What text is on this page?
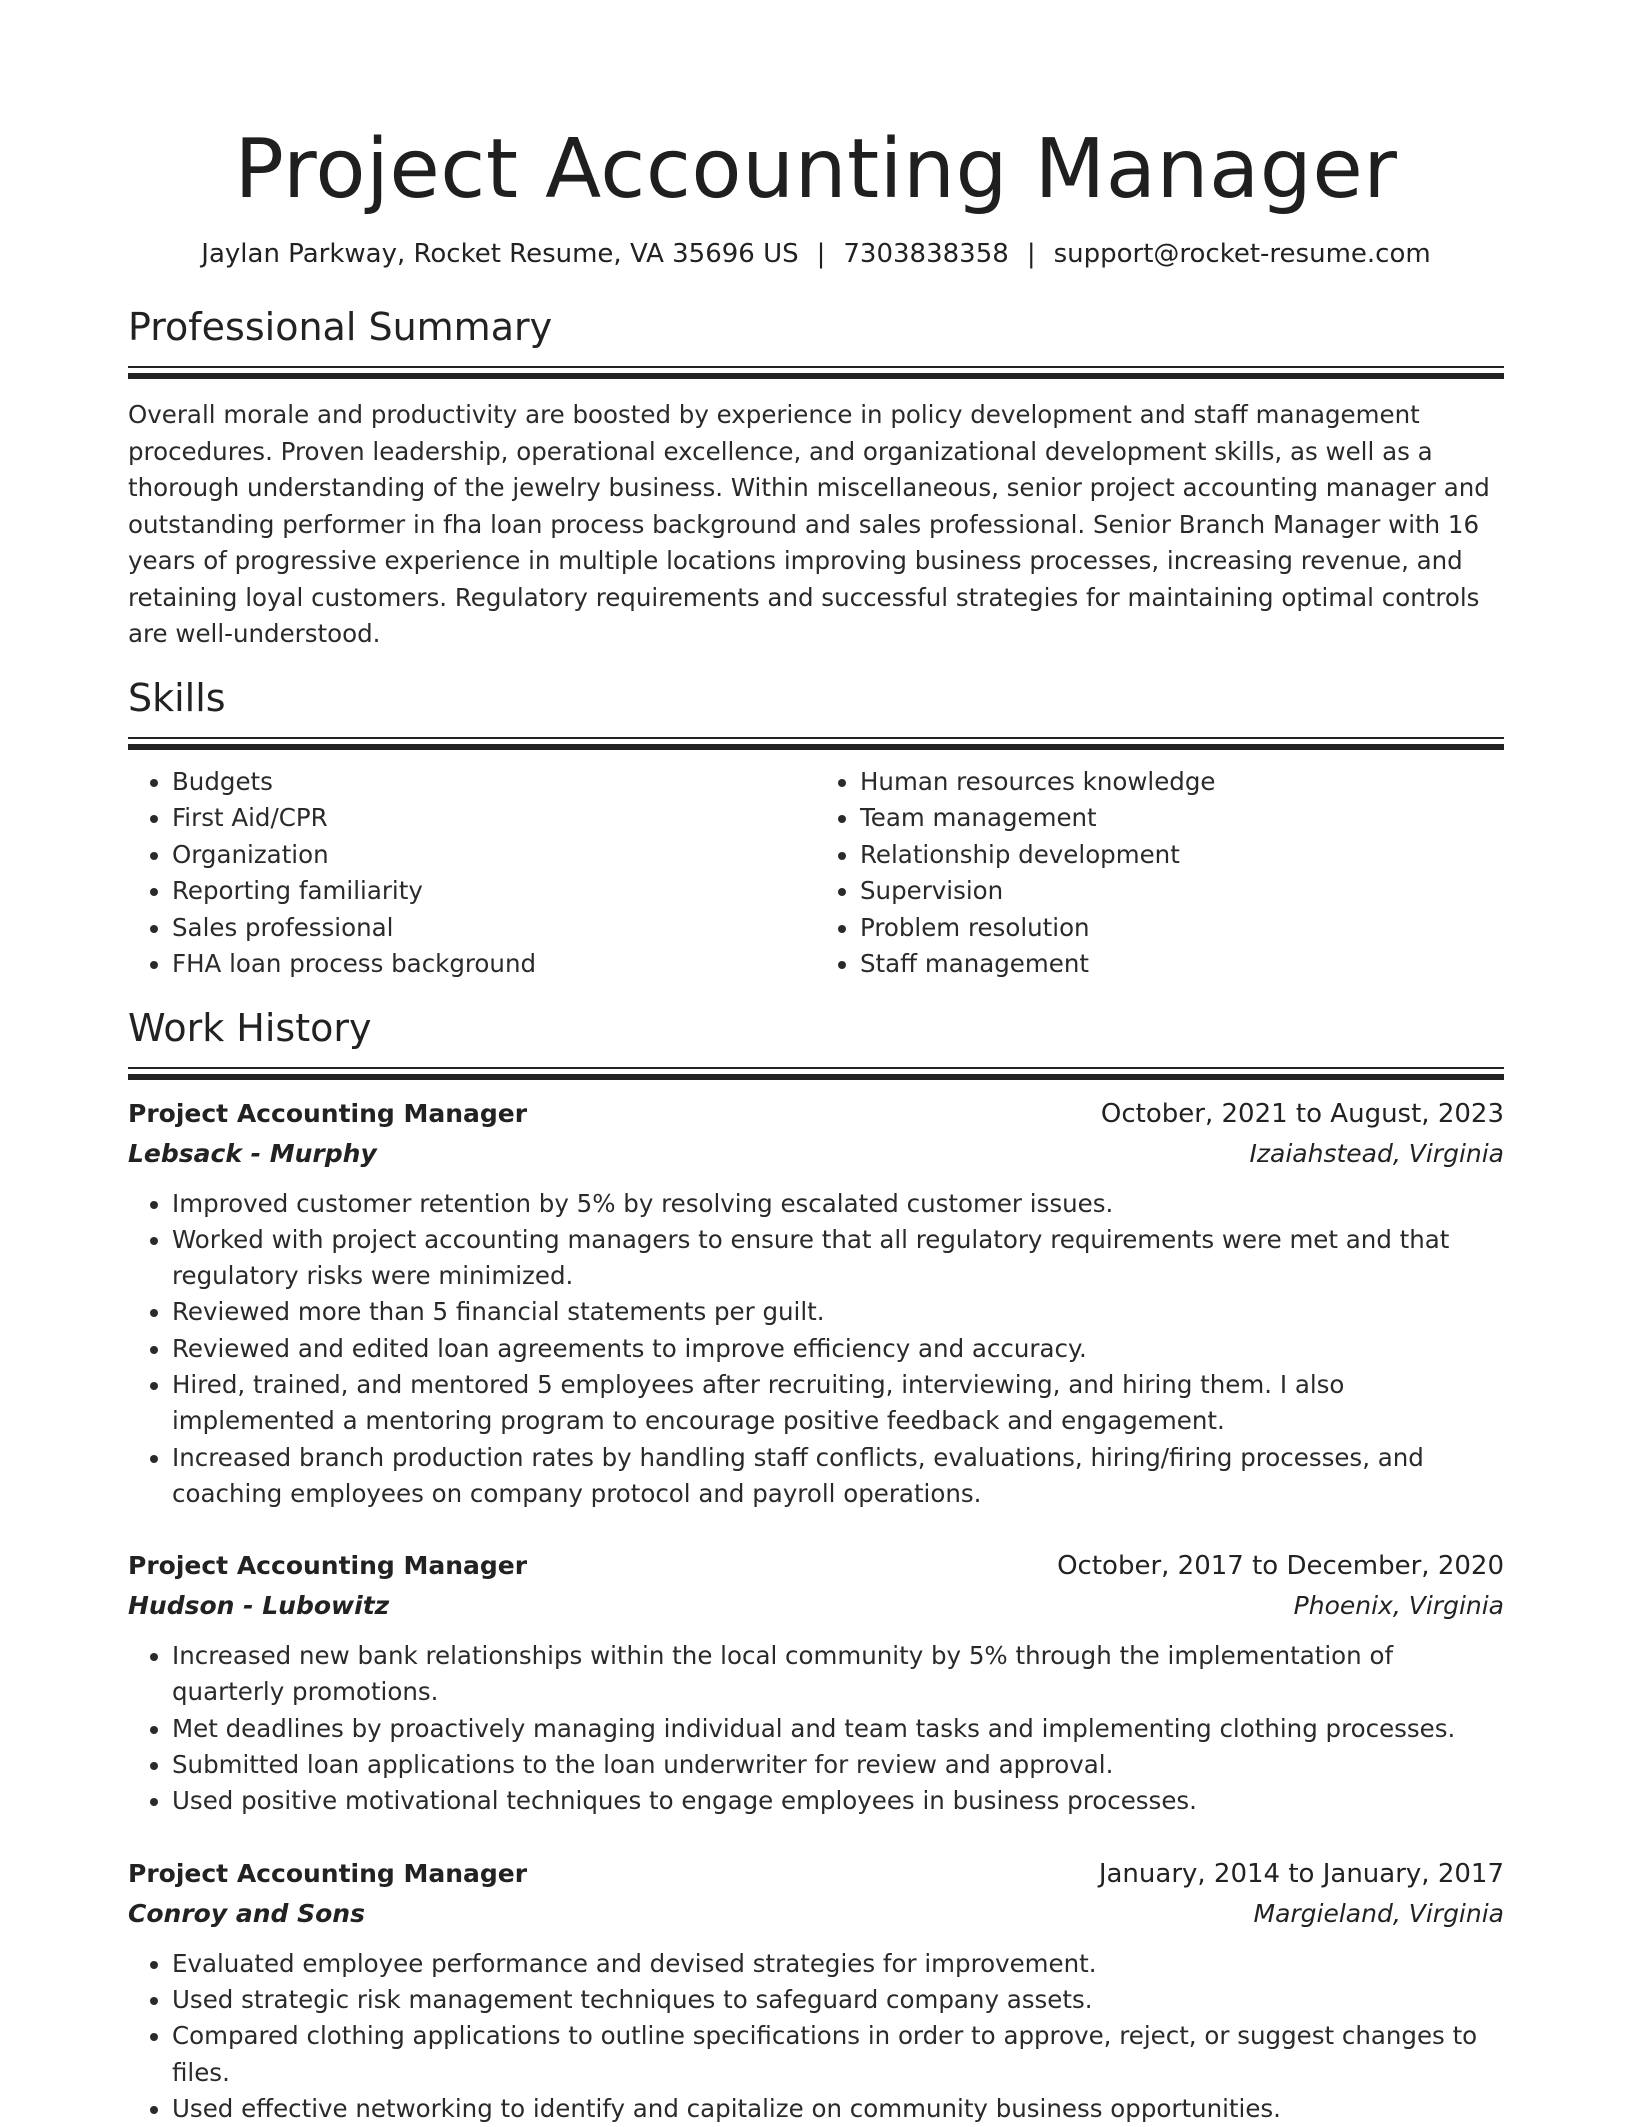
Project Accounting Manager
Jaylan Parkway, Rocket Resume, VA 35696 US | 7303838358 | support@rocket-resume.com
Professional Summary

Overall morale and productivity are boosted by experience in policy development and staff management procedures. Proven leadership, operational excellence, and organizational development skills, as well as a thorough understanding of the jewelry business. Within miscellaneous, senior project accounting manager and outstanding performer in fha loan process background and sales professional. Senior Branch Manager with 16 years of progressive experience in multiple locations improving business processes, increasing revenue, and retaining loyal customers. Regulatory requirements and successful strategies for maintaining optimal controls are well-understood.

Skills
• Budgets
• First Aid/CPR
• Organization
• Reporting familiarity
• Sales professional
• FHA loan process background
• Human resources knowledge
• Team management
• Relationship development
• Supervision
• Problem resolution
• Staff management
Work History
Project Accounting Manager	October, 2021 to August, 2023
Lebsack - Murphy	Izaiahstead, Virginia
• Improved customer retention by 5% by resolving escalated customer issues.
• Worked with project accounting managers to ensure that all regulatory requirements were met and that regulatory risks were minimized.
• Reviewed more than 5 financial statements per guilt.
• Reviewed and edited loan agreements to improve efficiency and accuracy.
• Hired, trained, and mentored 5 employees after recruiting, interviewing, and hiring them. I also implemented a mentoring program to encourage positive feedback and engagement.
• Increased branch production rates by handling staff conflicts, evaluations, hiring/firing processes, and coaching employees on company protocol and payroll operations.
Project Accounting Manager	October, 2017 to December, 2020
Hudson - Lubowitz	Phoenix, Virginia
• Increased new bank relationships within the local community by 5% through the implementation of quarterly promotions.
• Met deadlines by proactively managing individual and team tasks and implementing clothing processes.
• Submitted loan applications to the loan underwriter for review and approval.
• Used positive motivational techniques to engage employees in business processes.
Project Accounting Manager	January, 2014 to January, 2017
Conroy and Sons	Margieland, Virginia
• Evaluated employee performance and devised strategies for improvement.
• Used strategic risk management techniques to safeguard company assets.
• Compared clothing applications to outline specifications in order to approve, reject, or suggest changes to files.
• Used effective networking to identify and capitalize on community business opportunities.
